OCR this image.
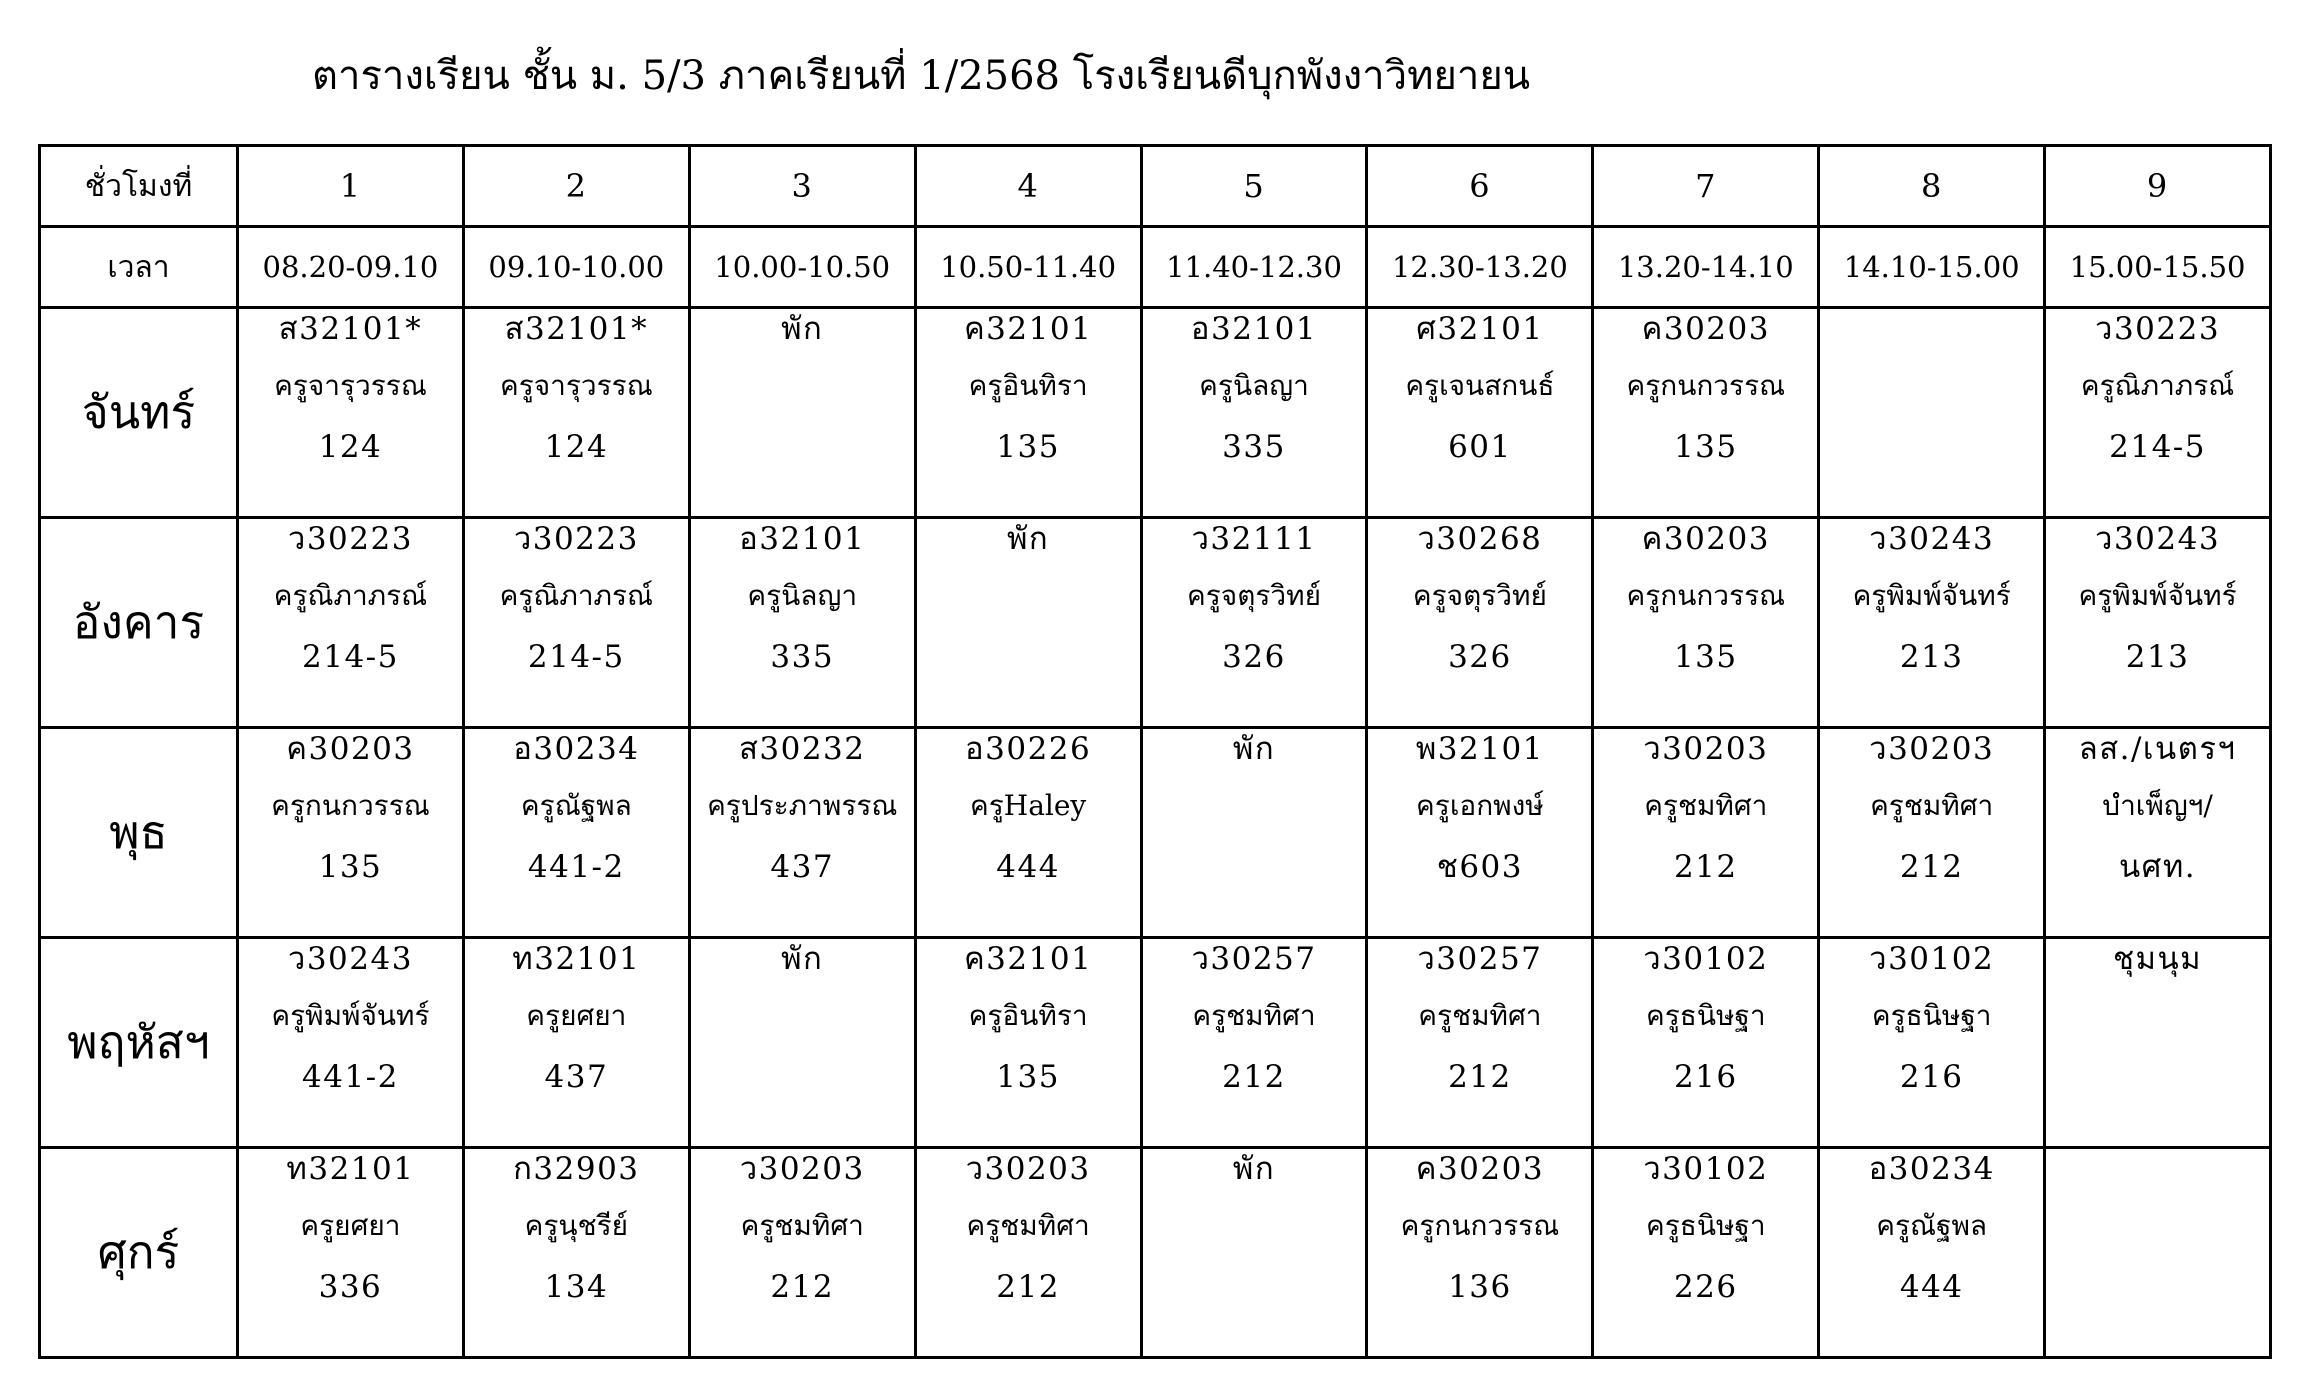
ตารางเรียน ชั้น ม. 5/3 ภาคเรียนที่ 1/2568 โรงเรียนดีบุกพังงาวิทยายน
ชั่วโมงที่	1	2	3	4	5	6	7	8	9
เวลา	08.20-09.10	09.10-10.00	10.00-10.50	10.50-11.40	11.40-12.30	12.30-13.20	13.20-14.10	14.10-15.00	15.00-15.50
จันทร์	ส32101*
ครูจารุวรรณ
124	ส32101*
ครูจารุวรรณ
124	พัก	ค32101
ครูอินทิรา
135	อ32101
ครูนิลญา
335	ศ32101
ครูเจนสกนธ์
601	ค30203
ครูกนกวรรณ
135		ว30223
ครูณิภาภรณ์
214-5

อังคาร	ว30223
ครูณิภาภรณ์
214-5	ว30223
ครูณิภาภรณ์
214-5	อ32101
ครูนิลญา
335	พัก	ว32111
ครูจตุรวิทย์
326	ว30268
ครูจตุรวิทย์
326	ค30203
ครูกนกวรรณ
135	ว30243
ครูพิมพ์จันทร์
213	ว30243
ครูพิมพ์จันทร์
213

พุธ	ค30203
ครูกนกวรรณ
135	อ30234
ครูณัฐพล
441-2	ส30232
ครูประภาพรรณ
437	อ30226
ครูHaley
444	พัก	พ32101
ครูเอกพงษ์
ช603	ว30203
ครูชมทิศา
212	ว30203
ครูชมทิศา
212	ลส./เนตรฯ
บำเพ็ญฯ/
นศท.

พฤหัสฯ	ว30243
ครูพิมพ์จันทร์
441-2	ท32101
ครูยศยา
437	พัก	ค32101
ครูอินทิรา
135	ว30257
ครูชมทิศา
212	ว30257
ครูชมทิศา
212	ว30102
ครูธนิษฐา
216	ว30102
ครูธนิษฐา
216	ชุมนุม

ศุกร์	ท32101
ครูยศยา
336	ก32903
ครูนุชรีย์
134	ว30203
ครูชมทิศา
212	ว30203
ครูชมทิศา
212	พัก	ค30203
ครูกนกวรรณ
136	ว30102
ครูธนิษฐา
226	อ30234
ครูณัฐพล
444	
